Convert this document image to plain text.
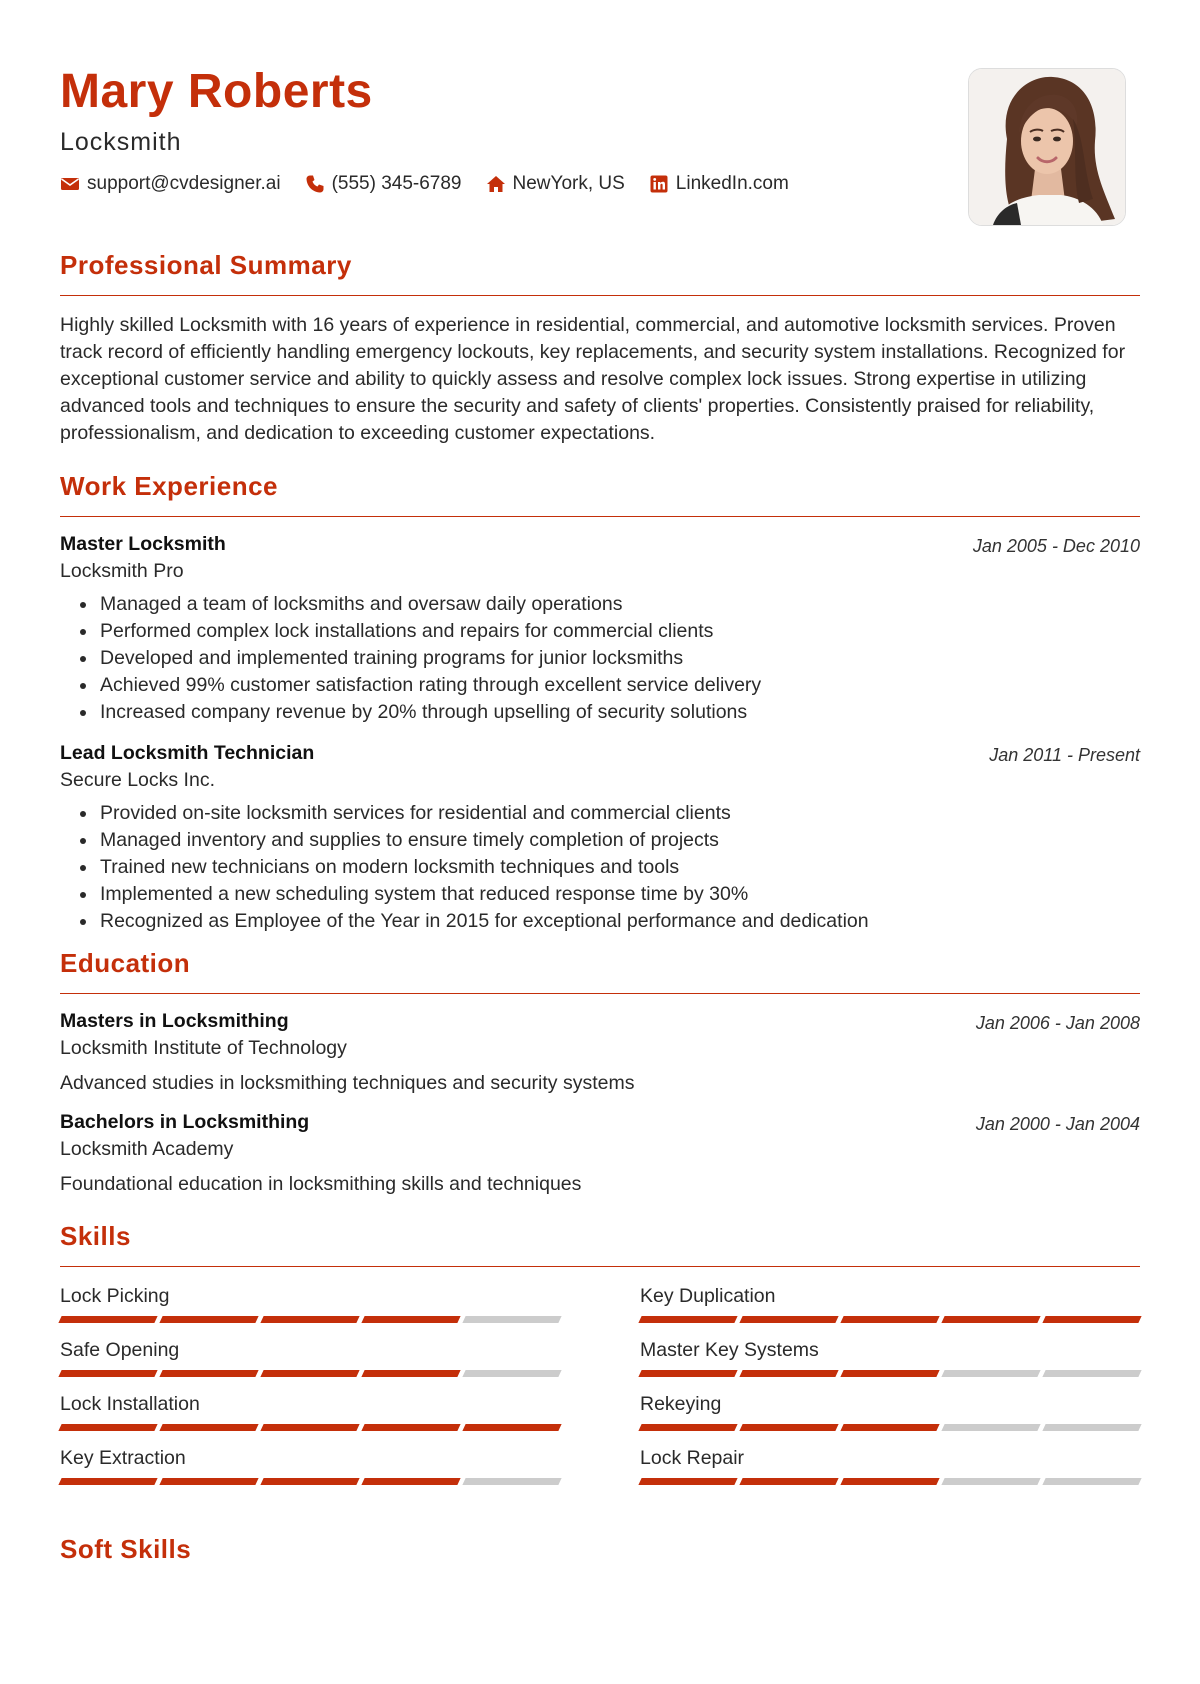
Mary Roberts
Locksmith
support@cvdesigner.ai	(555) 345-6789	NewYork, US	LinkedIn.com
Professional Summary
Highly skilled Locksmith with 16 years of experience in residential, commercial, and automotive locksmith services. Proven track record of efficiently handling emergency lockouts, key replacements, and security system installations. Recognized for exceptional customer service and ability to quickly assess and resolve complex lock issues. Strong expertise in utilizing advanced tools and techniques to ensure the security and safety of clients' properties. Consistently praised for reliability, professionalism, and dedication to exceeding customer expectations.
Work Experience
Master Locksmith	Jan 2005 - Dec 2010
Locksmith Pro
• Managed a team of locksmiths and oversaw daily operations
• Performed complex lock installations and repairs for commercial clients
• Developed and implemented training programs for junior locksmiths
• Achieved 99% customer satisfaction rating through excellent service delivery
• Increased company revenue by 20% through upselling of security solutions
Lead Locksmith Technician	Jan 2011 - Present
Secure Locks Inc.
• Provided on-site locksmith services for residential and commercial clients
• Managed inventory and supplies to ensure timely completion of projects
• Trained new technicians on modern locksmith techniques and tools
• Implemented a new scheduling system that reduced response time by 30%
• Recognized as Employee of the Year in 2015 for exceptional performance and dedication
Education
Masters in Locksmithing	Jan 2006 - Jan 2008
Locksmith Institute of Technology
Advanced studies in locksmithing techniques and security systems
Bachelors in Locksmithing	Jan 2000 - Jan 2004
Locksmith Academy
Foundational education in locksmithing skills and techniques
Skills
Lock Picking	Key Duplication
Safe Opening	Master Key Systems
Lock Installation	Rekeying
Key Extraction	Lock Repair
Soft Skills
